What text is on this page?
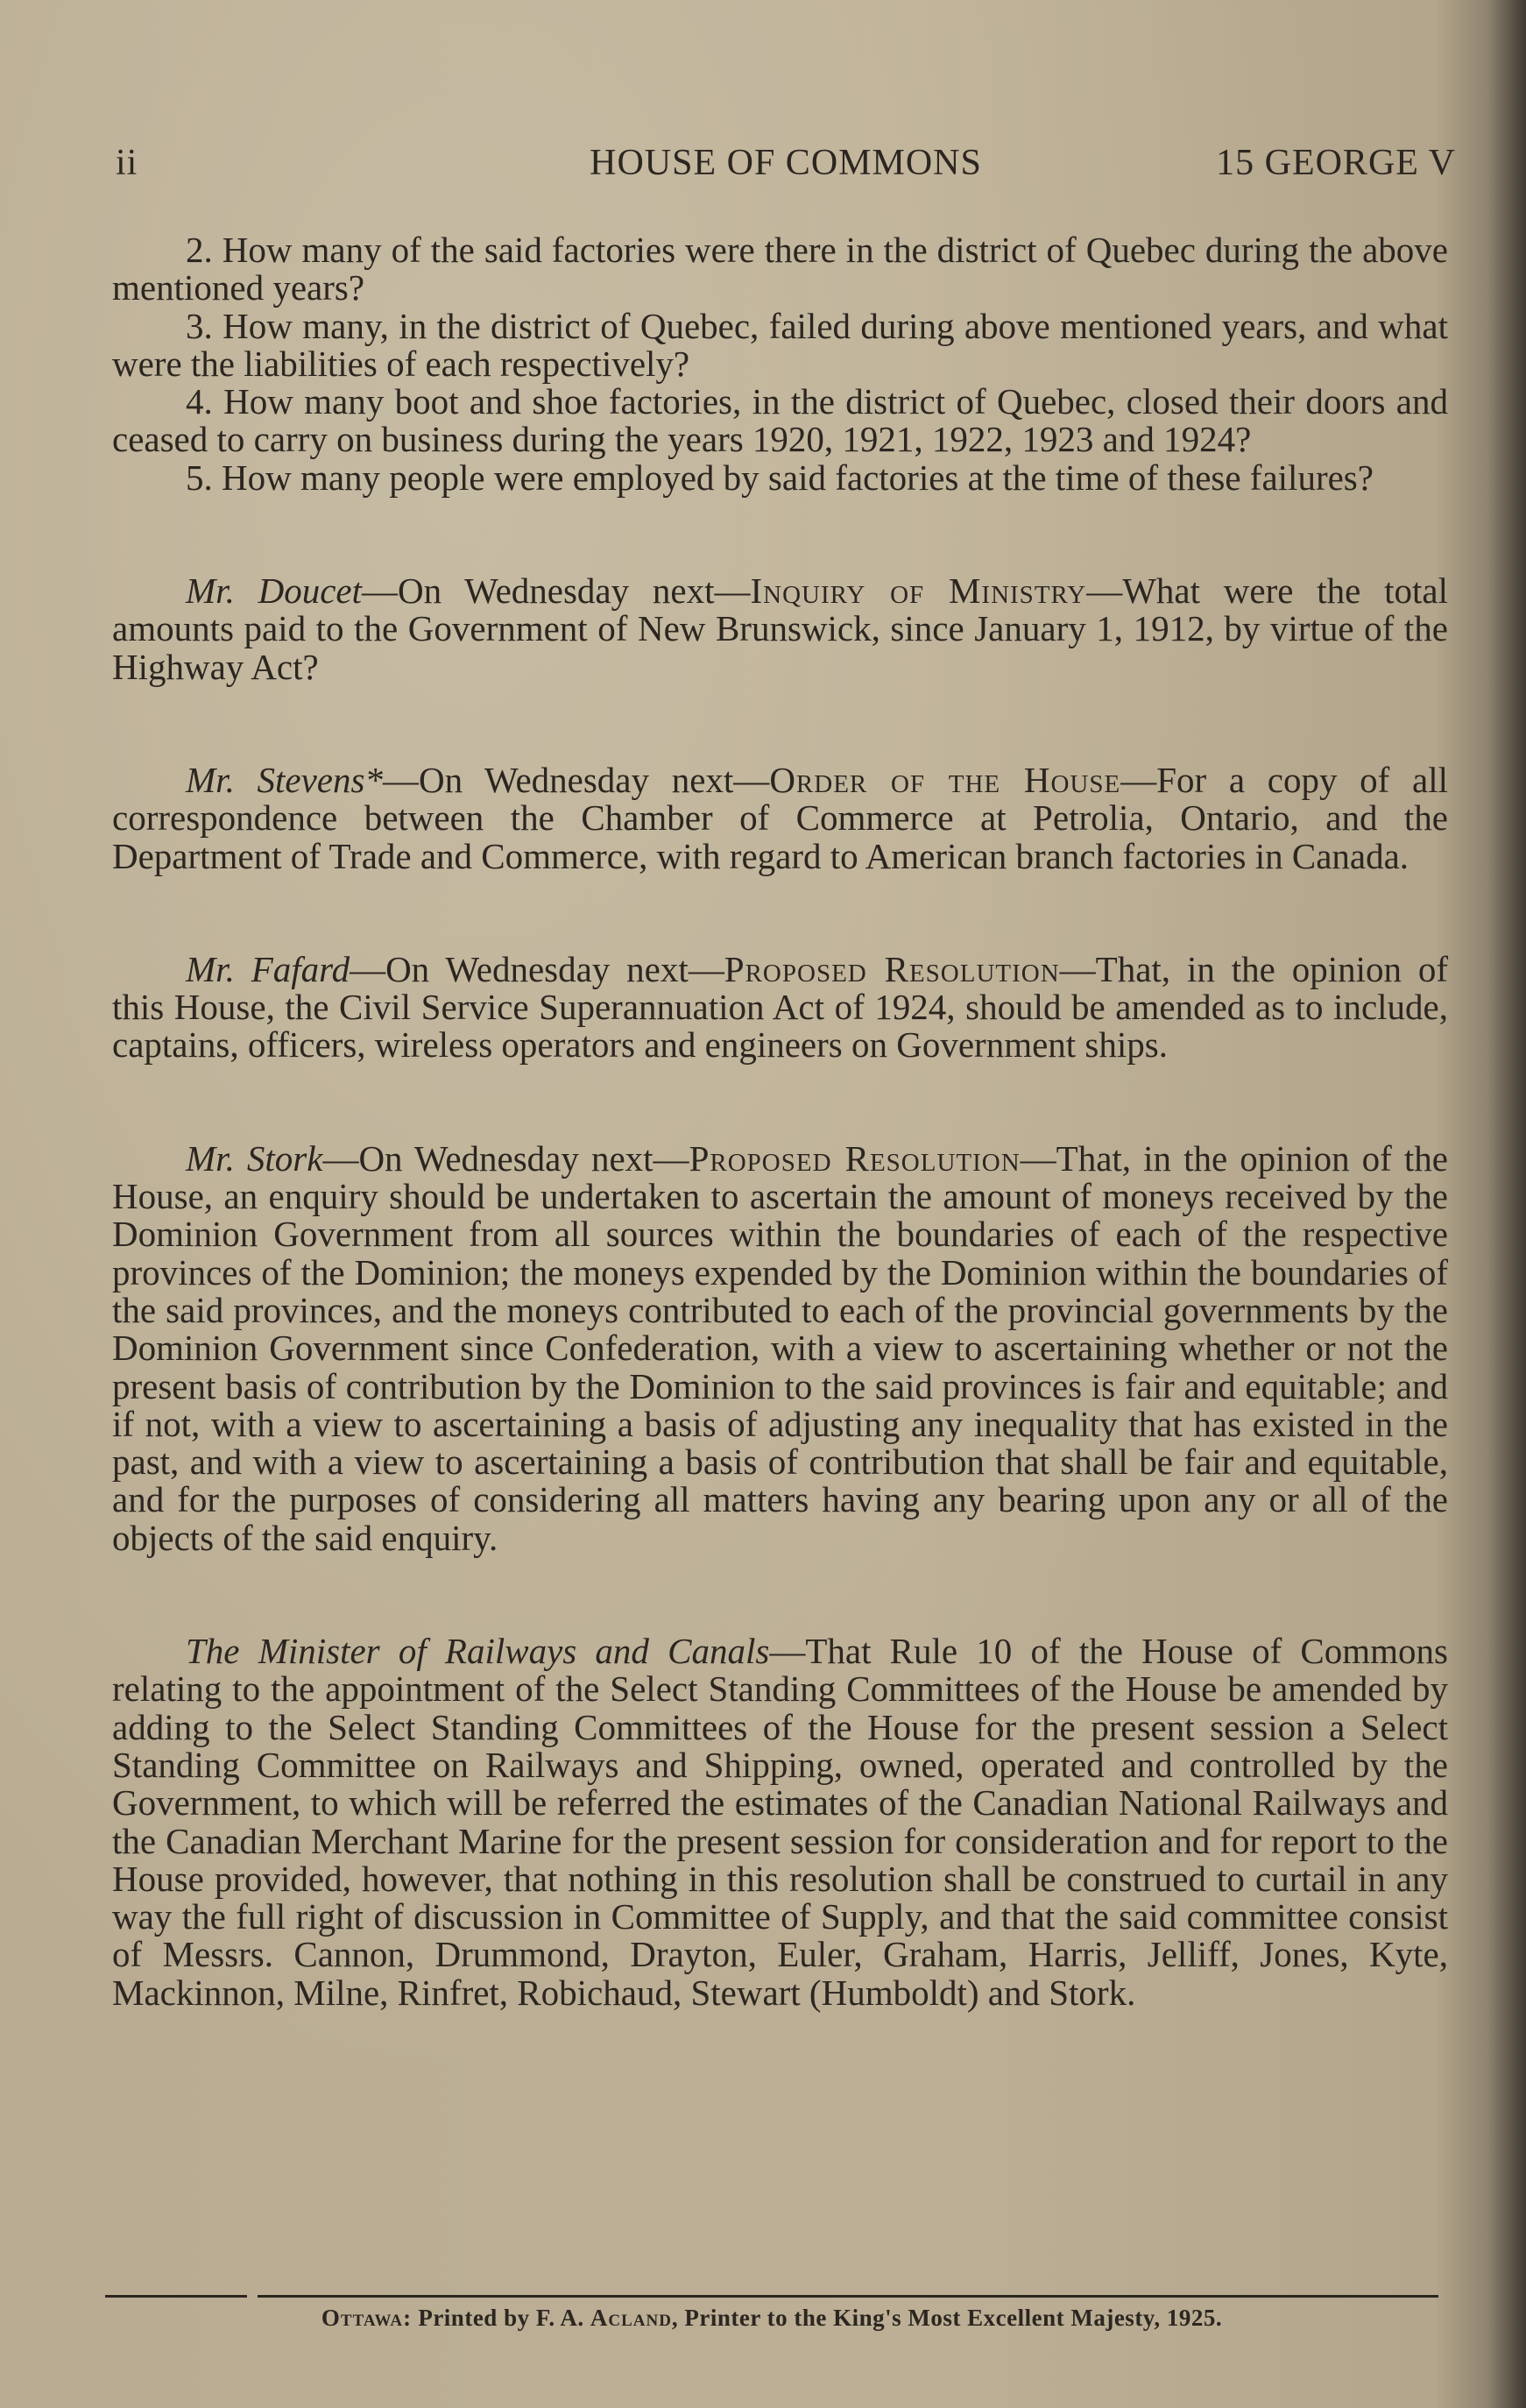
ii	HOUSE OF COMMONS	15 GEORGE V

2. How many of the said factories were there in the district of Quebec during the above mentioned years?

3. How many, in the district of Quebec, failed during above mentioned years, and what were the liabilities of each respectively?

4. How many boot and shoe factories, in the district of Quebec, closed their doors and ceased to carry on business during the years 1920, 1921, 1922, 1923 and 1924?

5. How many people were employed by said factories at the time of these failures?

Mr. Doucet—On Wednesday next—Inquiry of Ministry—What were the total amounts paid to the Government of New Brunswick, since January 1, 1912, by virtue of the Highway Act?

Mr. Stevens*—On Wednesday next—Order of the House—For a copy of all correspondence between the Chamber of Commerce at Petrolia, Ontario, and the Department of Trade and Commerce, with regard to American branch factories in Canada.

Mr. Fafard—On Wednesday next—Proposed Resolution—That, in the opinion of this House, the Civil Service Superannuation Act of 1924, should be amended as to include, captains, officers, wireless operators and engineers on Government ships.

Mr. Stork—On Wednesday next—Proposed Resolution—That, in the opinion of the House, an enquiry should be undertaken to ascertain the amount of moneys received by the Dominion Government from all sources within the boundaries of each of the respective provinces of the Dominion; the moneys expended by the Dominion within the boundaries of the said provinces, and the moneys contributed to each of the provincial governments by the Dominion Government since Confederation, with a view to ascertaining whether or not the present basis of contribution by the Dominion to the said provinces is fair and equitable; and if not, with a view to ascertaining a basis of adjusting any inequality that has existed in the past, and with a view to ascertaining a basis of contribution that shall be fair and equitable, and for the purposes of considering all matters having any bearing upon any or all of the objects of the said enquiry.

The Minister of Railways and Canals—That Rule 10 of the House of Commons relating to the appointment of the Select Standing Committees of the House be amended by adding to the Select Standing Committees of the House for the present session a Select Standing Committee on Railways and Shipping, owned, operated and controlled by the Government, to which will be referred the estimates of the Canadian National Railways and the Canadian Merchant Marine for the present session for consideration and for report to the House provided, however, that nothing in this resolution shall be construed to curtail in any way the full right of discussion in Committee of Supply, and that the said committee consist of Messrs. Cannon, Drummond, Drayton, Euler, Graham, Harris, Jelliff, Jones, Kyte, Mackinnon, Milne, Rinfret, Robichaud, Stewart (Humboldt) and Stork.

Ottawa: Printed by F. A. Acland, Printer to the King's Most Excellent Majesty, 1925.
